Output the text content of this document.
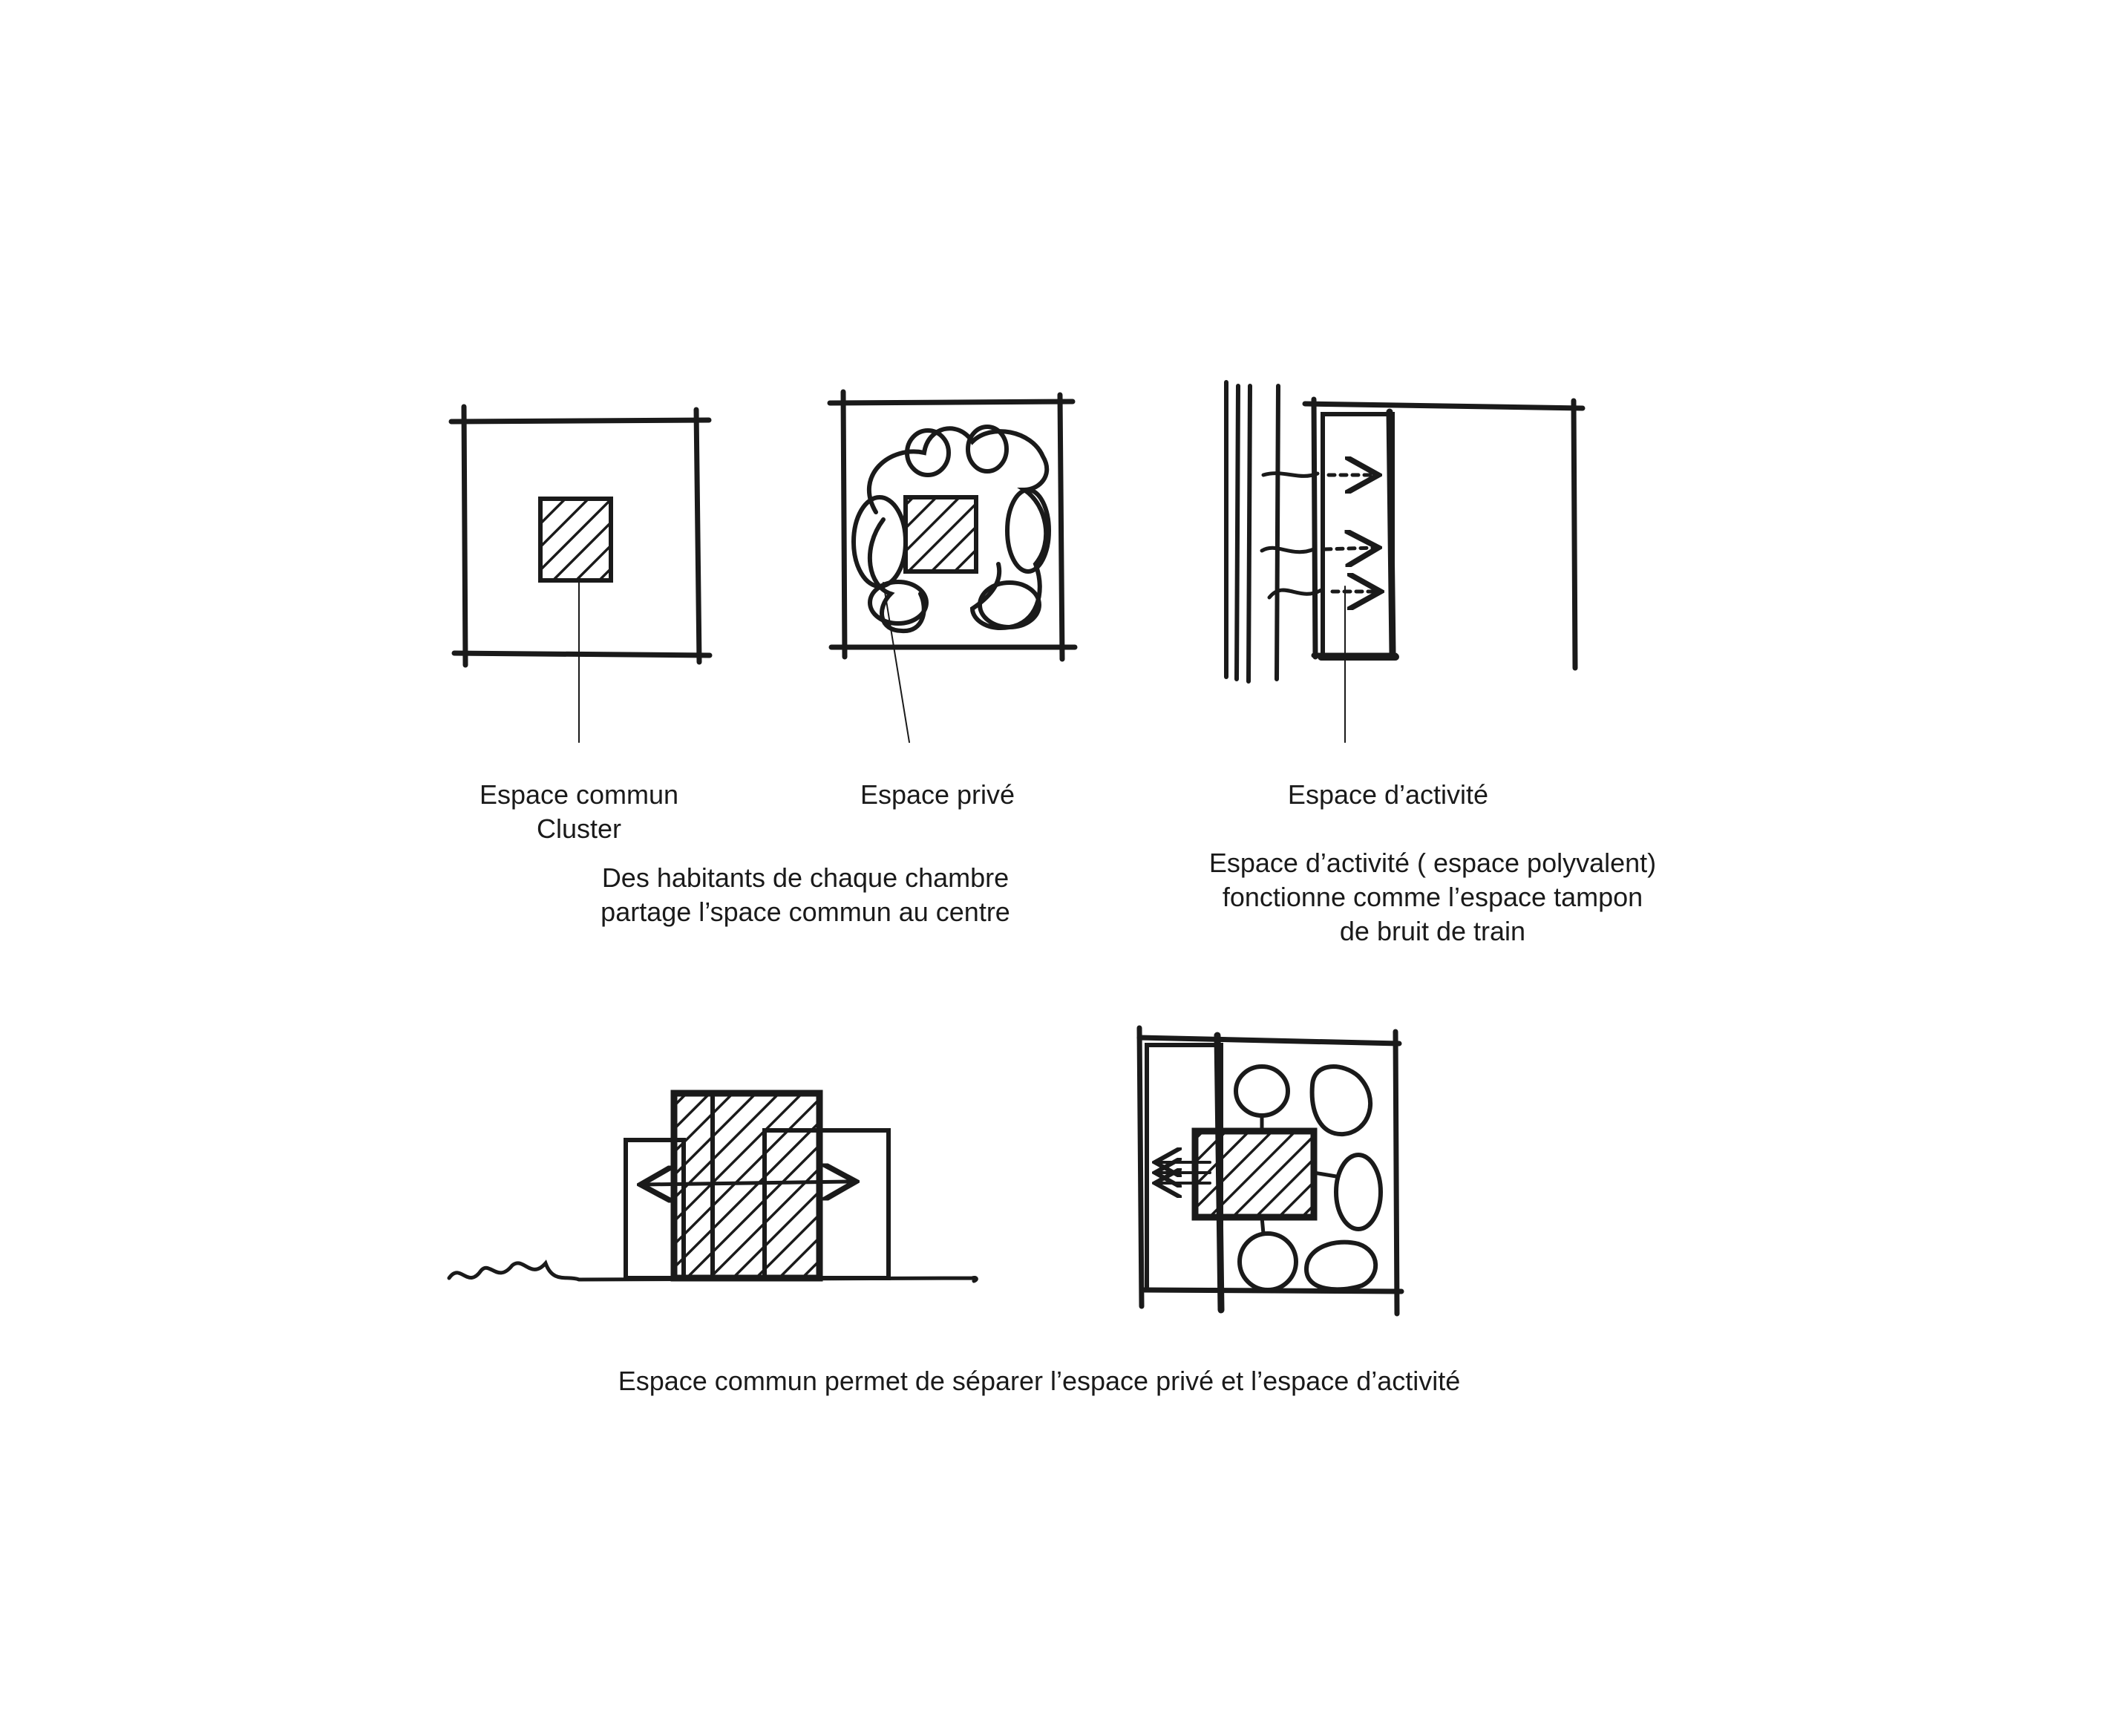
Espace commun
Cluster
Espace privé	Espace d’activité
Des habitants de chaque chambre
partage l’space commun au centre
Espace d’activité ( espace polyvalent)
fonctionne comme l’espace tampon
de bruit de train
Espace commun permet de séparer l’espace privé et l’espace d’activité
